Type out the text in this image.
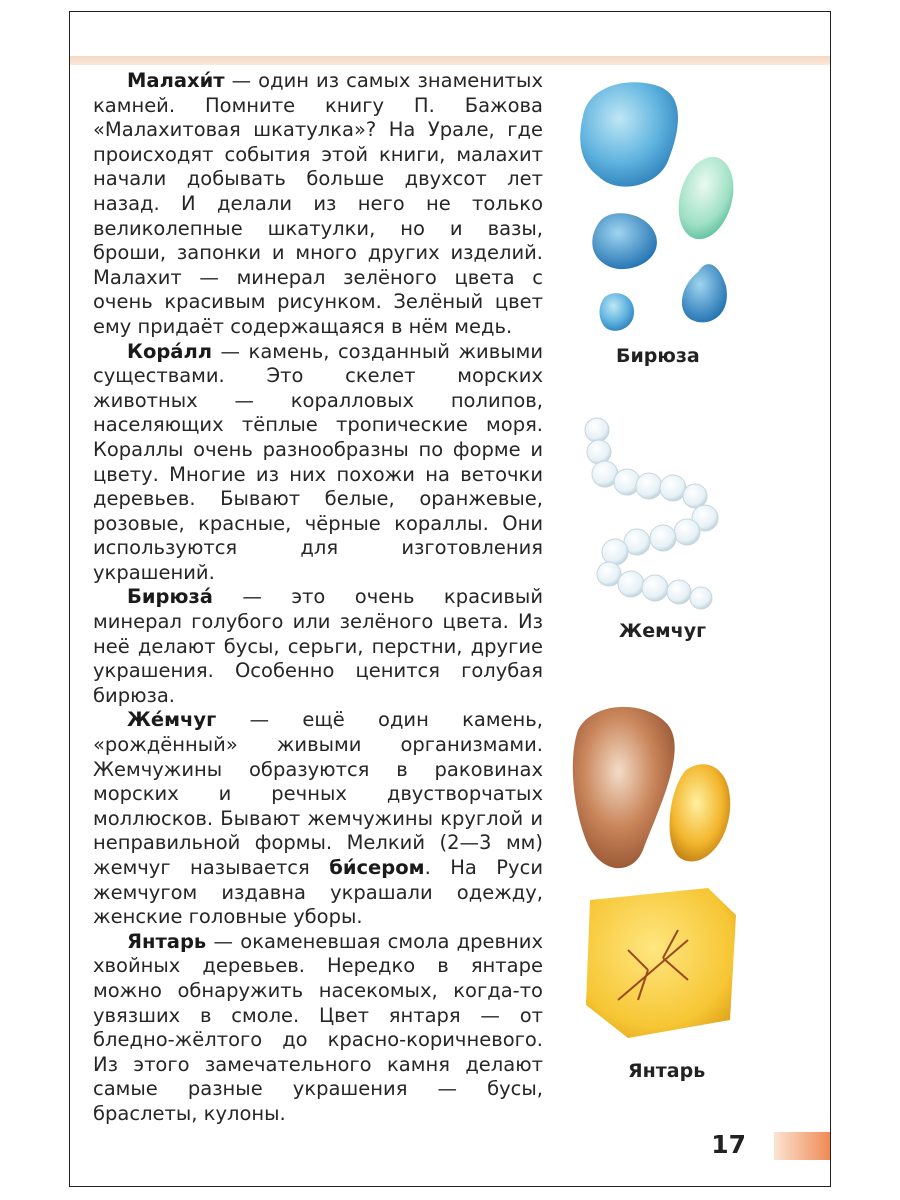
Малахи́т — один из самых знаменитых камней. Помните книгу П. Бажова «Малахитовая шкатулка»? На Урале, где происходят события этой книги, малахит начали добывать больше двухсот лет назад. И делали из него не только великолепные шкатулки, но и вазы, броши, запонки и много других изделий. Малахит — минерал зелёного цвета с очень красивым рисунком. Зелёный цвет ему придаёт содержащаяся в нём медь.

Кора́лл — камень, созданный живыми существами. Это скелет морских животных — коралловых полипов, населяющих тёплые тропические моря. Кораллы очень разнообразны по форме и цвету. Многие из них похожи на веточки деревьев. Бывают белые, оранжевые, розовые, красные, чёрные кораллы. Они используются для изготовления украшений.

Бирюза́ — это очень красивый минерал голубого или зелёного цвета. Из неё делают бусы, серьги, перстни, другие украшения. Особенно ценится голубая бирюза.

Же́мчуг — ещё один камень, «рождённый» живыми организмами. Жемчужины образуются в раковинах морских и речных двустворчатых моллюсков. Бывают жемчужины круглой и неправильной формы. Мелкий (2—3 мм) жемчуг называется би́сером. На Руси жемчугом издавна украшали одежду, женские головные уборы.

Янтарь — окаменевшая смола древних хвойных деревьев. Нередко в янтаре можно обнаружить насекомых, когда-то увязших в смоле. Цвет янтаря — от бледно-жёлтого до красно-коричневого. Из этого замечательного камня делают самые разные украшения — бусы, браслеты, кулоны.

Бирюза
Жемчуг
Янтарь
17
